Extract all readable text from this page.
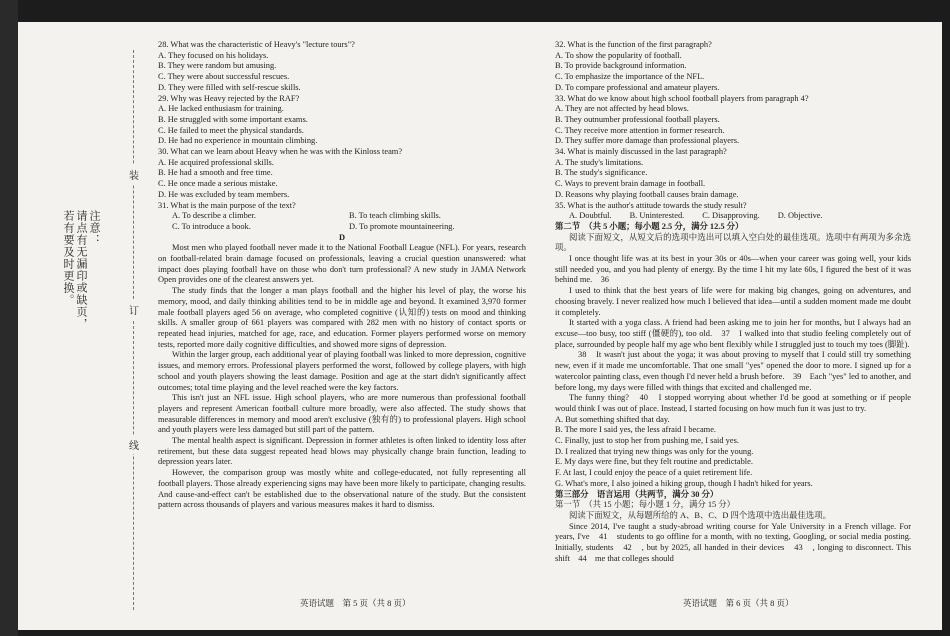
注意：
请点有无漏印或缺页，
若有要及时更换。
装
订
线

28. What was the characteristic of Heavy's "lecture tours"?

A. They focused on his holidays.

B. They were random but amusing.

C. They were about successful rescues.

D. They were filled with self-rescue skills.

29. Why was Heavy rejected by the RAF?

A. He lacked enthusiasm for training.

B. He struggled with some important exams.

C. He failed to meet the physical standards.

D. He had no experience in mountain climbing.

30. What can we learn about Heavy when he was with the Kinloss team?

A. He acquired professional skills.

B. He had a smooth and free time.

C. He once made a serious mistake.

D. He was excluded by team members.

31. What is the main purpose of the text?

A. To describe a climber.	B. To teach climbing skills.
C. To introduce a book.	D. To promote mountaineering.

D

Most men who played football never made it to the National Football League (NFL). For years, research on football-related brain damage focused on professionals, leaving a crucial question unanswered: what impact does playing football have on those who don't turn professional? A new study in JAMA Network Open provides one of the clearest answers yet.

The study finds that the longer a man plays football and the higher his level of play, the worse his memory, mood, and daily thinking abilities tend to be in middle age and beyond. It examined 3,970 former male football players aged 56 on average, who completed cognitive (认知的) tests on mood and thinking skills. A smaller group of 661 players was compared with 282 men with no history of contact sports or repeated head injuries, matched for age, race, and education. Former players performed worse on memory tests, reported more daily cognitive difficulties, and showed more signs of depression.

Within the larger group, each additional year of playing football was linked to more depression, cognitive issues, and memory errors. Professional players performed the worst, followed by college players, with high school and youth players showing the least damage. Position and age at the start didn't significantly affect outcomes; total time playing and the level reached were the key factors.

This isn't just an NFL issue. High school players, who are more numerous than professional football players and represent American football culture more broadly, were also affected. The study shows that measurable differences in memory and mood aren't exclusive (独有的) to professional players. High school and youth players were less damaged but still part of the pattern.

The mental health aspect is significant. Depression in former athletes is often linked to identity loss after retirement, but these data suggest repeated head blows may physically change brain function, leading to depression years later.

However, the comparison group was mostly white and college-educated, not fully representing all football players. Those already experiencing signs may have been more likely to participate, changing results. And cause-and-effect can't be established due to the observational nature of the study. But the consistent pattern across thousands of players and various measures makes it hard to dismiss.

32. What is the function of the first paragraph?

A. To show the popularity of football.

B. To provide background information.

C. To emphasize the importance of the NFL.

D. To compare professional and amateur players.

33. What do we know about high school football players from paragraph 4?

A. They are not affected by head blows.

B. They outnumber professional football players.

C. They receive more attention in former research.

D. They suffer more damage than professional players.

34. What is mainly discussed in the last paragraph?

A. The study's limitations.

B. The study's significance.

C. Ways to prevent brain damage in football.

D. Reasons why playing football causes brain damage.

35. What is the author's attitude towards the study result?

A. Doubtful. B. Uninterested. C. Disapproving. D. Objective.

第二节　（共 5 小题；每小题 2.5 分，满分 12.5 分）

阅读下面短文，从短文后的选项中选出可以填入空白处的最佳选项。选项中有两项为多余选项。

I once thought life was at its best in your 30s or 40s—when your career was going well, your kids still needed you, and you had plenty of energy. By the time I hit my late 60s, I figured the best of it was behind me.　36　

I used to think that the best years of life were for making big changes, going on adventures, and choosing bravely. I never realized how much I believed that idea—until a sudden moment made me doubt it completely.

It started with a yoga class. A friend had been asking me to join her for months, but I always had an excuse—too busy, too stiff (僵硬的), too old.　37　I walked into that studio feeling completely out of place, surrounded by people half my age who bent flexibly while I struggled just to touch my toes (脚趾).

　38　It wasn't just about the yoga; it was about proving to myself that I could still try something new, even if it made me uncomfortable. That one small "yes" opened the door to more. I signed up for a watercolor painting class, even though I'd never held a brush before.　39　Each "yes" led to another, and before long, my days were filled with things that excited and challenged me.

The funny thing?　40　I stopped worrying about whether I'd be good at something or if people would think I was out of place. Instead, I started focusing on how much fun it was just to try.

A. But something shifted that day.

B. The more I said yes, the less afraid I became.

C. Finally, just to stop her from pushing me, I said yes.

D. I realized that trying new things was only for the young.

E. My days were fine, but they felt routine and predictable.

F. At last, I could enjoy the peace of a quiet retirement life.

G. What's more, I also joined a hiking group, though I hadn't hiked for years.

第三部分　语言运用（共两节，满分 30 分）

第一节　（共 15 小题；每小题 1 分，满分 15 分）

阅读下面短文，从每题所给的 A、B、C、D 四个选项中选出最佳选项。

Since 2014, I've taught a study-abroad writing course for Yale University in a French village. For years, I've　41　students to go offline for a month, with no texting, Googling, or social media posting. Initially, students　42　, but by 2025, all handed in their devices　43　, longing to disconnect. This shift　44　me that colleges should

英语试题　第 5 页（共 8 页）	英语试题　第 6 页（共 8 页）
